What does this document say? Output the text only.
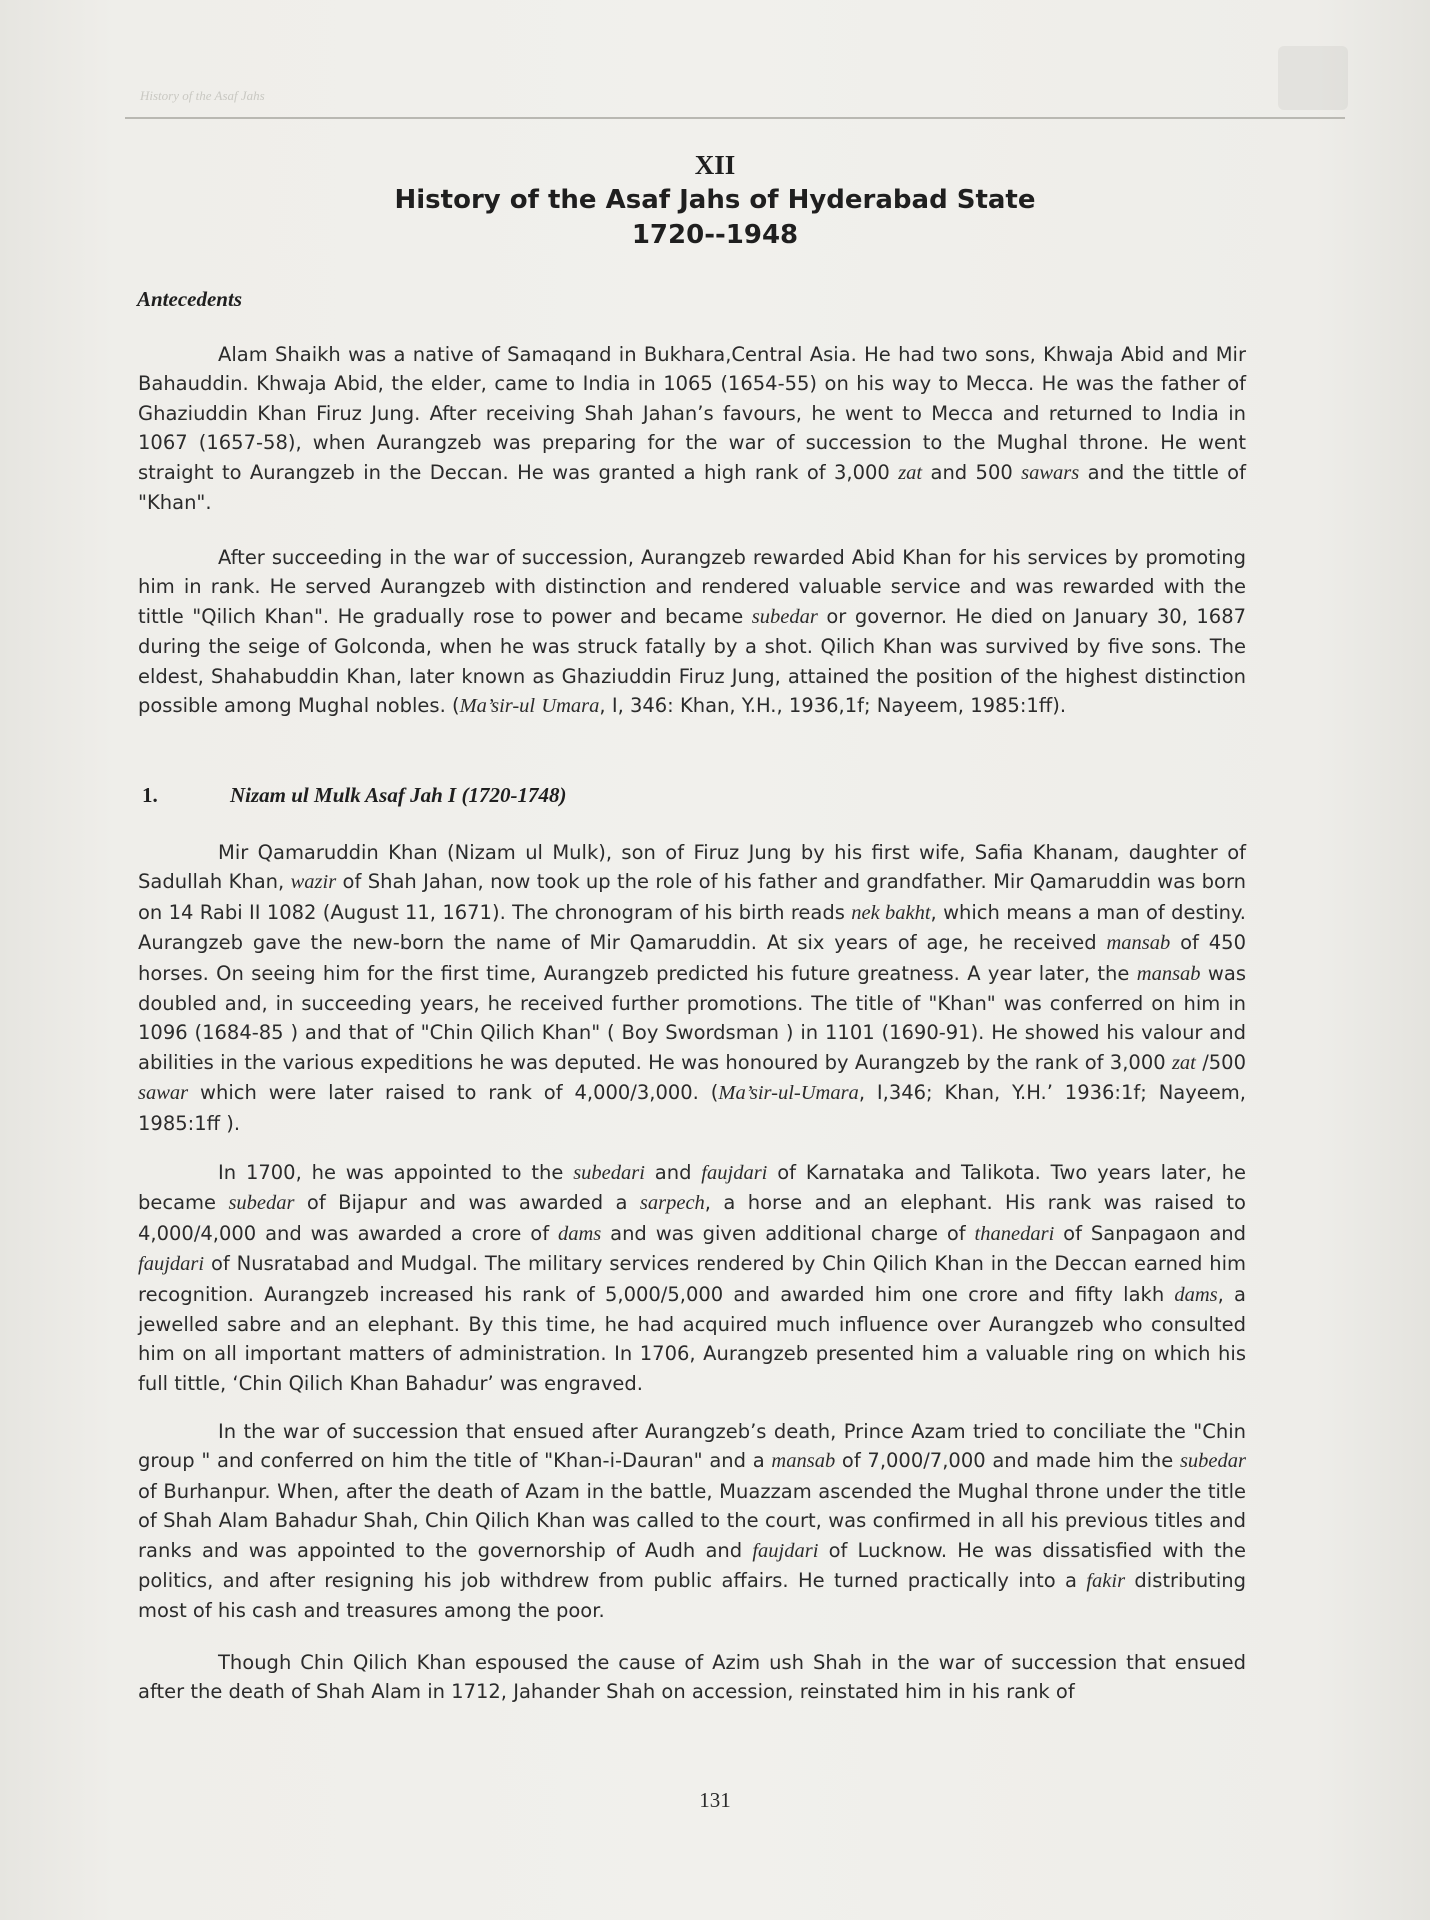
History of the Asaf Jahs
XII
History of the Asaf Jahs of Hyderabad State
1720--1948
Antecedents
Alam Shaikh was a native of Samaqand in Bukhara,Central Asia. He had two sons, Khwaja Abid and Mir Bahauddin. Khwaja Abid, the elder, came to India in 1065 (1654-55) on his way to Mecca. He was the father of Ghaziuddin Khan Firuz Jung. After receiving Shah Jahan’s favours, he went to Mecca and returned to India in 1067 (1657-58), when Aurangzeb was preparing for the war of succession to the Mughal throne. He went straight to Aurangzeb in the Deccan. He was granted a high rank of 3,000 zat and 500 sawars and the tittle of "Khan".
After succeeding in the war of succession, Aurangzeb rewarded Abid Khan for his services by promoting him in rank. He served Aurangzeb with distinction and rendered valuable service and was rewarded with the tittle "Qilich Khan". He gradually rose to power and became subedar or governor. He died on January 30, 1687 during the seige of Golconda, when he was struck fatally by a shot. Qilich Khan was survived by five sons. The eldest, Shahabuddin Khan, later known as Ghaziuddin Firuz Jung, attained the position of the highest distinction possible among Mughal nobles. (Ma’sir-ul Umara, I, 346: Khan, Y.H., 1936,1f; Nayeem, 1985:1ff).
1.	Nizam ul Mulk Asaf Jah I (1720-1748)
Mir Qamaruddin Khan (Nizam ul Mulk), son of Firuz Jung by his first wife, Safia Khanam, daughter of Sadullah Khan, wazir of Shah Jahan, now took up the role of his father and grandfather. Mir Qamaruddin was born on 14 Rabi II 1082 (August 11, 1671). The chronogram of his birth reads nek bakht, which means a man of destiny. Aurangzeb gave the new-born the name of Mir Qamaruddin. At six years of age, he received mansab of 450 horses. On seeing him for the first time, Aurangzeb predicted his future greatness. A year later, the mansab was doubled and, in succeeding years, he received further promotions. The title of "Khan" was conferred on him in 1096 (1684-85 ) and that of "Chin Qilich Khan" ( Boy Swordsman ) in 1101 (1690-91). He showed his valour and abilities in the various expeditions he was deputed. He was honoured by Aurangzeb by the rank of 3,000 zat /500 sawar which were later raised to rank of 4,000/3,000. (Ma’sir-ul-Umara, I,346; Khan, Y.H.’ 1936:1f; Nayeem, 1985:1ff ).
In 1700, he was appointed to the subedari and faujdari of Karnataka and Talikota. Two years later, he became subedar of Bijapur and was awarded a sarpech, a horse and an elephant. His rank was raised to 4,000/4,000 and was awarded a crore of dams and was given additional charge of thanedari of Sanpagaon and faujdari of Nusratabad and Mudgal. The military services rendered by Chin Qilich Khan in the Deccan earned him recognition. Aurangzeb increased his rank of 5,000/5,000 and awarded him one crore and fifty lakh dams, a jewelled sabre and an elephant. By this time, he had acquired much influence over Aurangzeb who consulted him on all important matters of administration. In 1706, Aurangzeb presented him a valuable ring on which his full tittle, ‘Chin Qilich Khan Bahadur’ was engraved.
In the war of succession that ensued after Aurangzeb’s death, Prince Azam tried to conciliate the "Chin group " and conferred on him the title of "Khan-i-Dauran" and a mansab of 7,000/7,000 and made him the subedar of Burhanpur. When, after the death of Azam in the battle, Muazzam ascended the Mughal throne under the title of Shah Alam Bahadur Shah, Chin Qilich Khan was called to the court, was confirmed in all his previous titles and ranks and was appointed to the governorship of Audh and faujdari of Lucknow. He was dissatisfied with the politics, and after resigning his job withdrew from public affairs. He turned practically into a fakir distributing most of his cash and treasures among the poor.
Though Chin Qilich Khan espoused the cause of Azim ush Shah in the war of succession that ensued after the death of Shah Alam in 1712, Jahander Shah on accession, reinstated him in his rank of
131
